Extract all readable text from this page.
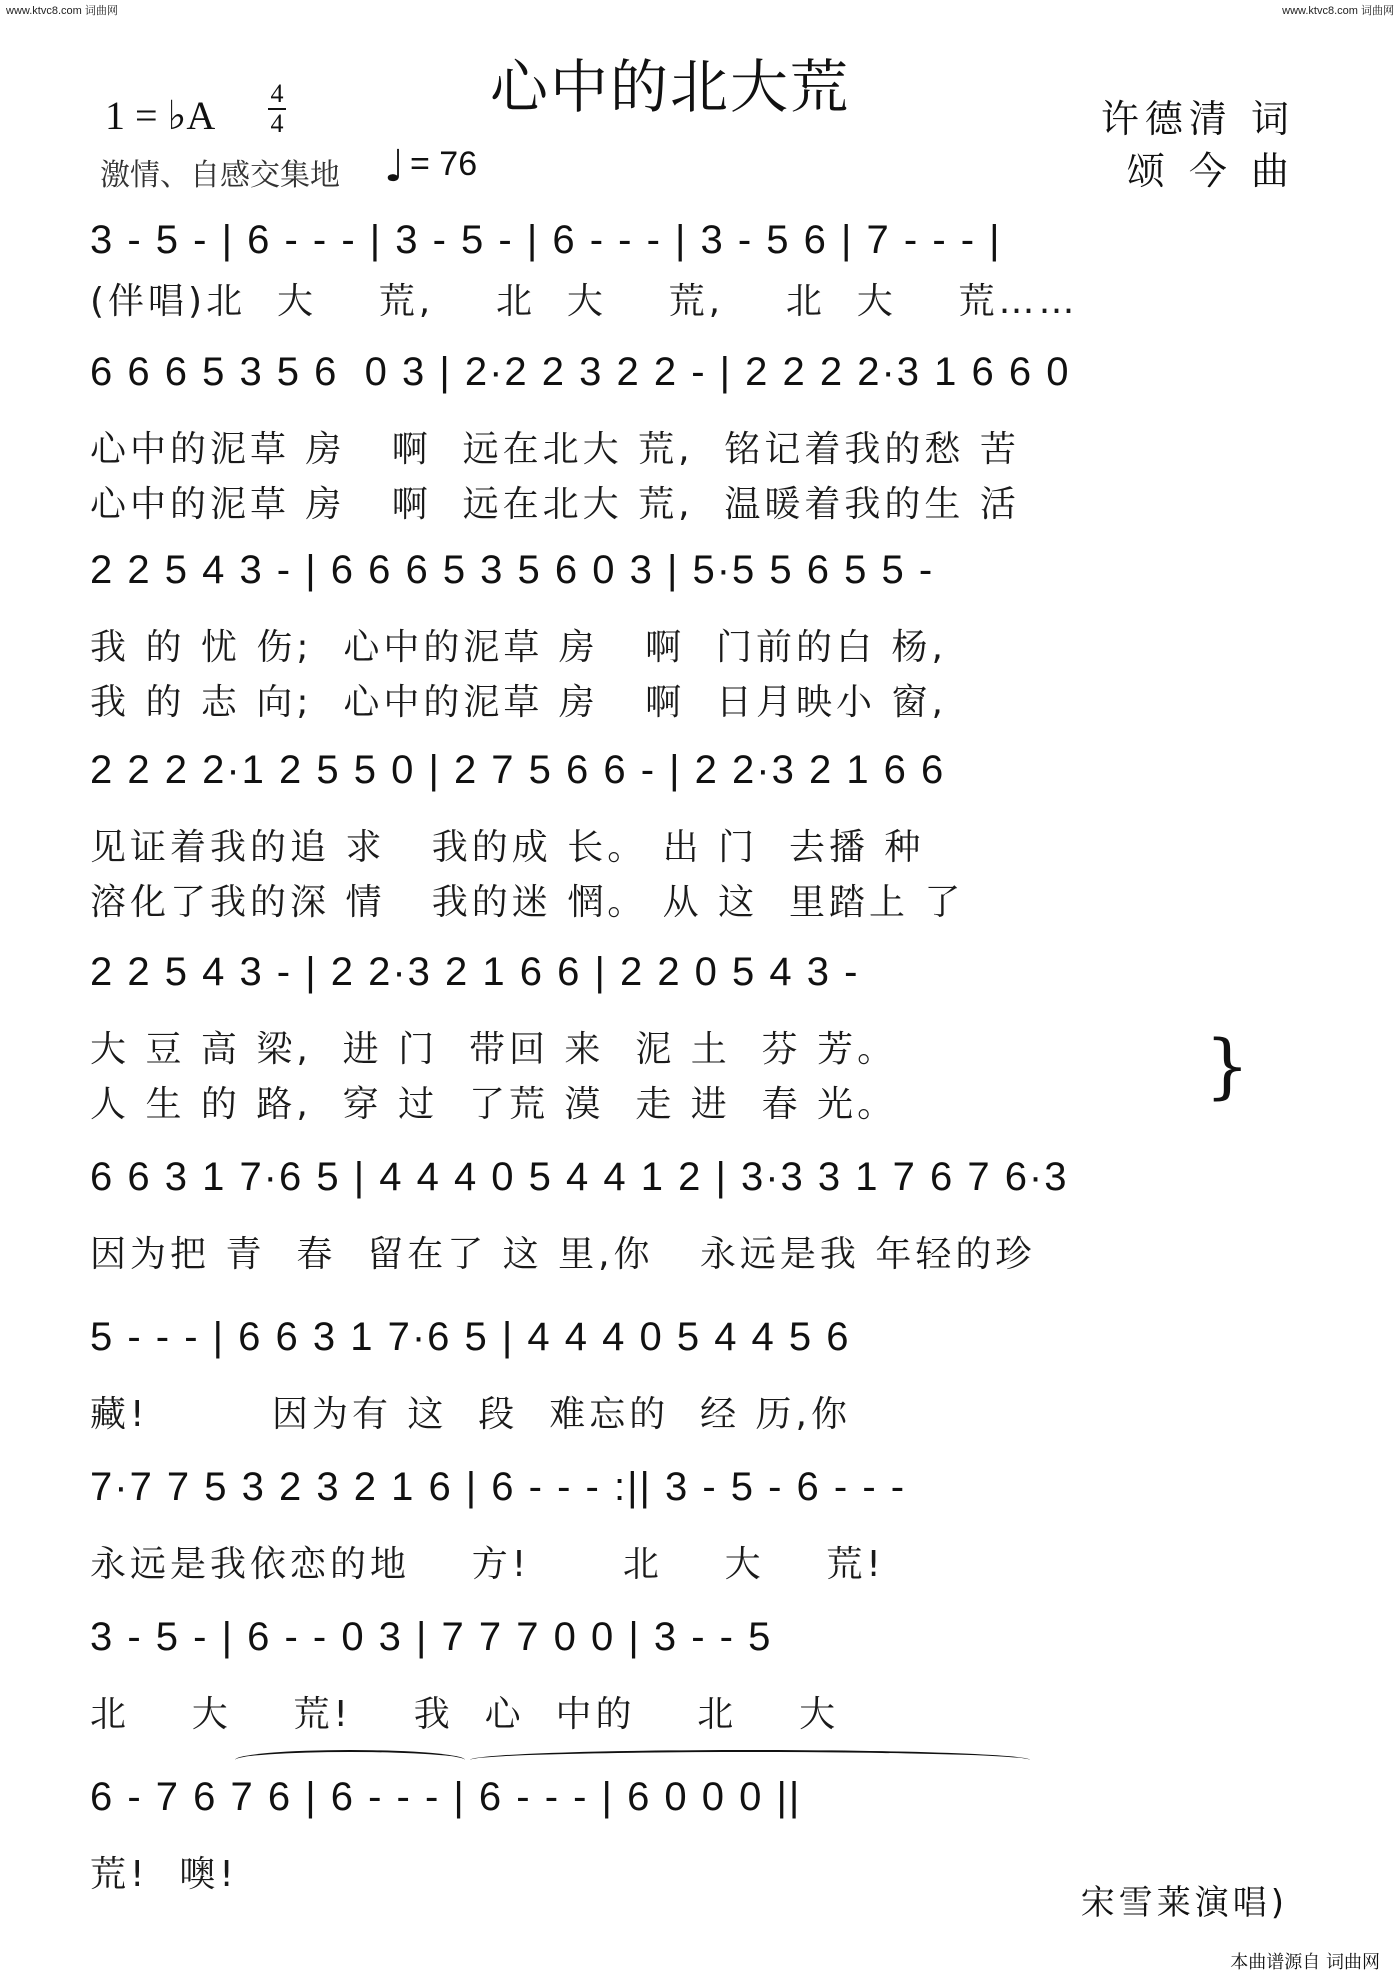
www.ktvc8.com 词曲网	www.ktvc8.com 词曲网
心中的北大荒
1 = ♭A 4
4
激情、自感交集地 ♩ = 76
许德清 词
颂 今 曲
3 - 5 - | 6 - - - | 3 - 5 - | 6 - - - | 3 - 5 6 | 7 - - - |
(伴唱)北  大    荒,    北  大    荒,    北  大    荒……
6 6 6 5 3 5 6  0 3 | 2·2 2 3 2 2 - | 2 2 2 2·3 1 6 6 0
心中的泥草 房   啊  远在北大 荒,  铭记着我的愁 苦
心中的泥草 房   啊  远在北大 荒,  温暖着我的生 活
2 2 5 4 3 - | 6 6 6 5 3 5 6 0 3 | 5·5 5 6 5 5 -
我 的 忧 伤;  心中的泥草 房   啊  门前的白 杨,
我 的 志 向;  心中的泥草 房   啊  日月映小 窗,
2 2 2 2·1 2 5 5 0 | 2 7 5 6 6 - | 2 2·3 2 1 6 6
见证着我的追 求   我的成 长。 出 门  去播 种
溶化了我的深 情   我的迷 惘。 从 这  里踏上 了
2 2 5 4 3 - | 2 2·3 2 1 6 6 | 2 2 0 5 4 3 -
大 豆 高 梁,  进 门  带回 来  泥 土  芬 芳。
人 生 的 路,  穿 过  了荒 漠  走 进  春 光。	}
6 6 3 1 7·6 5 | 4 4 4 0 5 4 4 1 2 | 3·3 3 1 7 6 7 6·3
因为把 青  春  留在了 这 里,你   永远是我 年轻的珍
5 - - - | 6 6 3 1 7·6 5 | 4 4 4 0 5 4 4 5 6
藏!        因为有 这  段  难忘的  经 历,你
7·7 7 5 3 2 3 2 1 6 | 6 - - - :|| 3 - 5 - 6 - - -
永远是我依恋的地    方!      北    大    荒!
3 - 5 - | 6 - - 0 3 | 7 7 7 0 0 | 3 - - 5
北    大    荒!    我  心  中的    北    大
6 - 7 6 7 6 | 6 - - - | 6 - - - | 6 0 0 0 ||
荒!  噢!
宋雪莱演唱)
本曲谱源自 词曲网
